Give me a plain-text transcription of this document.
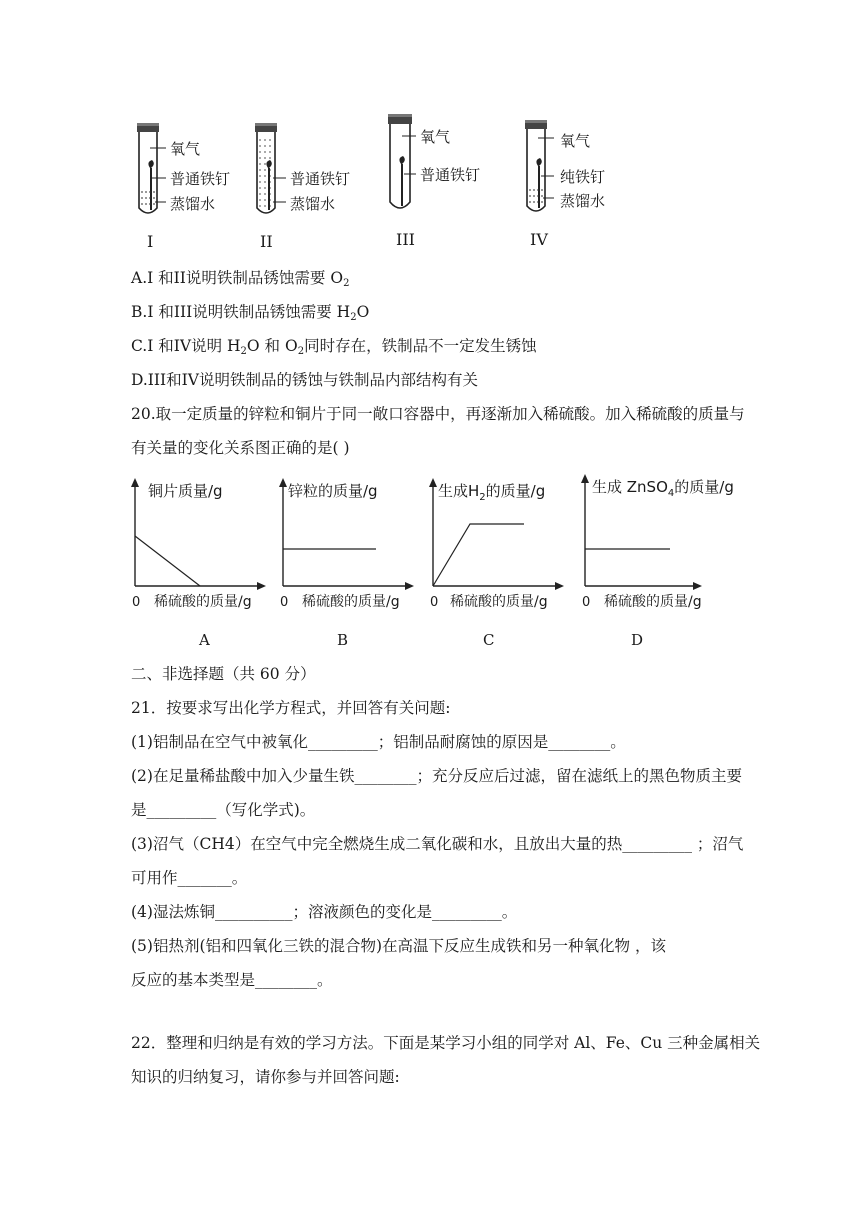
氧气
普通铁钉
蒸馏水
普通铁钉
蒸馏水
氧气
普通铁钉
氧气
纯铁钉
蒸馏水
I	II	III	IV
A.I 和II说明铁制品锈蚀需要 $O_2$
B.I 和III说明铁制品锈蚀需要 $H_2O$
C.I 和IV说明 $H_2O$ 和 $O_2$同时存在，铁制品不一定发生锈蚀
D.III和IV说明铁制品的锈蚀与铁制品内部结构有关
20.取一定质量的锌粒和铜片于同一敞口容器中，再逐渐加入稀硫酸。加入稀硫酸的质量与
有关量的变化关系图正确的是( )
铜片质量/g
0 稀硫酸的质量/g
锌粒的质量/g
0 稀硫酸的质量/g
生成$H_2$的质量/g
0 稀硫酸的质量/g
生成 ZnSO$_4$的质量/g
0 稀硫酸的质量/g
A	B	C	D
二、非选择题（共 60 分）
21．按要求写出化学方程式，并回答有关问题:
(1)铝制品在空气中被氧化_________；铝制品耐腐蚀的原因是________。
(2)在足量稀盐酸中加入少量生铁________；充分反应后过滤，留在滤纸上的黑色物质主要
是_________（写化学式)。
(3)沼气（CH4）在空气中完全燃烧生成二氧化碳和水，且放出大量的热_________ ；沼气
可用作_______。
(4)湿法炼铜__________；溶液颜色的变化是_________。
(5)铝热剂(铝和四氧化三铁的混合物)在高温下反应生成铁和另一种氧化物 ，该
反应的基本类型是________。
22．整理和归纳是有效的学习方法。下面是某学习小组的同学对 Al、Fe、Cu 三种金属相关
知识的归纳复习，请你参与并回答问题:
